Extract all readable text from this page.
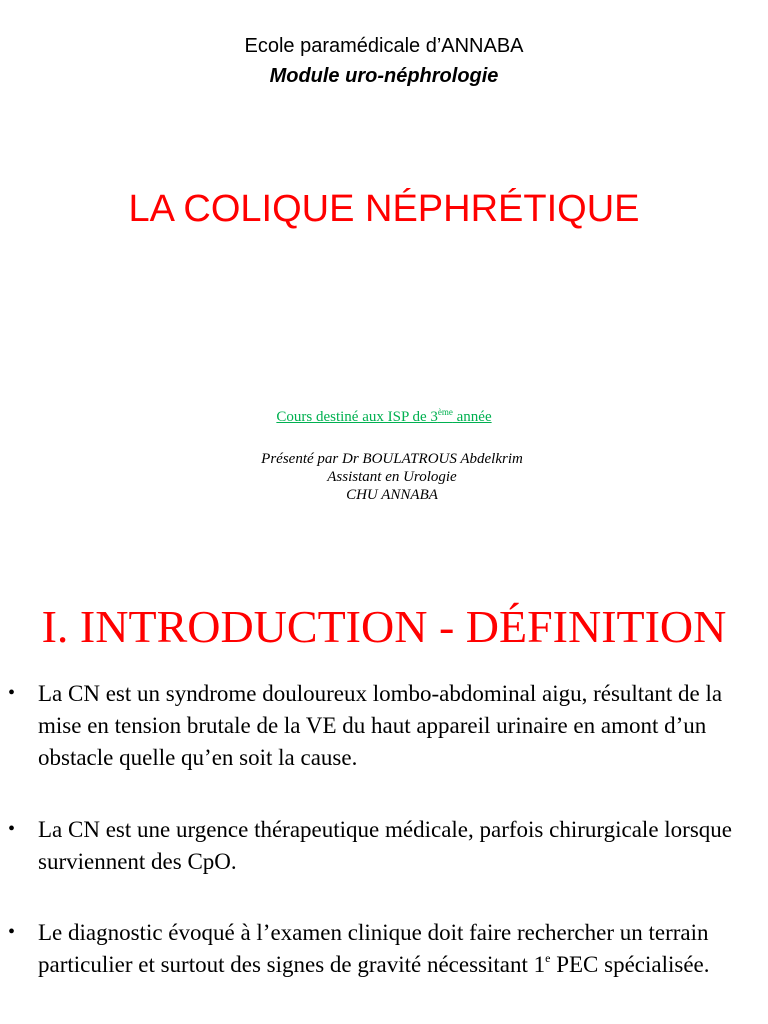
Ecole paramédicale d’ANNABA
Module uro-néphrologie
LA COLIQUE NÉPHRÉTIQUE
Cours destiné aux ISP de 3ème année
Présenté par Dr BOULATROUS Abdelkrim
Assistant en Urologie
CHU ANNABA
I. INTRODUCTION - DÉFINITION
• La CN est un syndrome douloureux lombo-abdominal aigu, résultant de la mise en tension brutale de la VE du haut appareil urinaire en amont d’un obstacle quelle qu’en soit la cause.
• La CN est une urgence thérapeutique médicale, parfois chirurgicale lorsque surviennent des CpO.
• Le diagnostic évoqué à l’examen clinique doit faire rechercher un terrain particulier et surtout des signes de gravité nécessitant 1e PEC spécialisée.
